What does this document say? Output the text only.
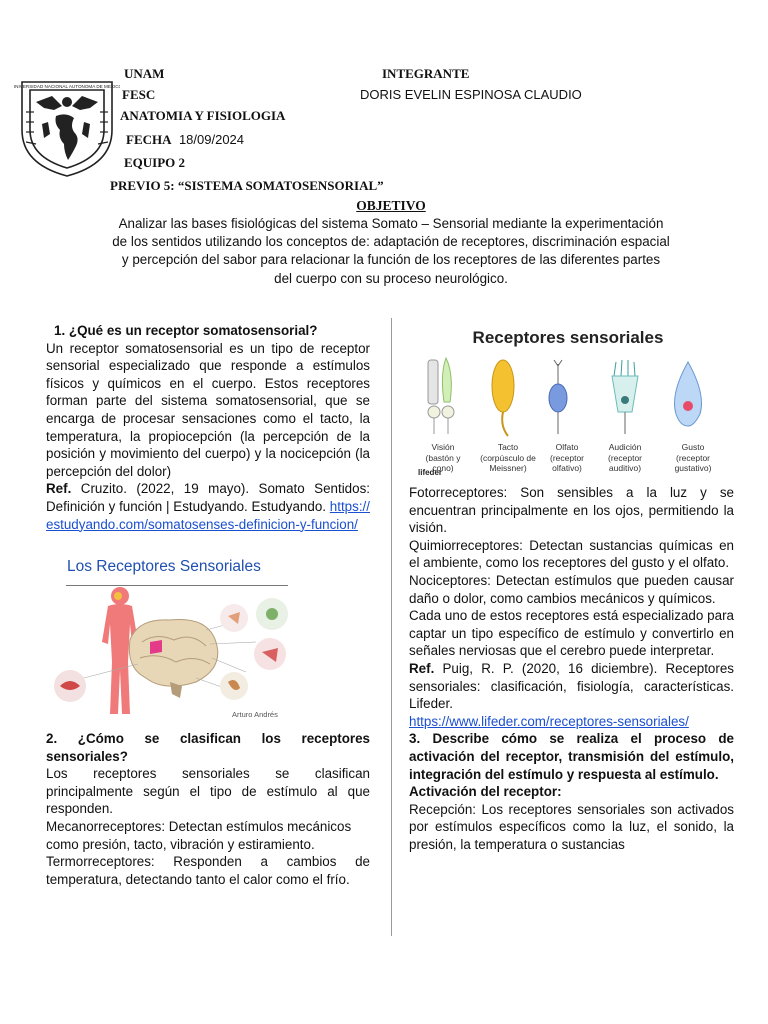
UNIVERSIDAD NACIONAL AUTONOMA DE MEXICO
UNAM
FESC
ANATOMIA Y FISIOLOGIA
FECHA 18/09/2024
EQUIPO 2
PREVIO 5: “SISTEMA SOMATOSENSORIAL”
INTEGRANTE
DORIS EVELIN ESPINOSA CLAUDIO
OBJETIVO
Analizar las bases fisiológicas del sistema Somato – Sensorial mediante la experimentación de los sentidos utilizando los conceptos de: adaptación de receptores, discriminación espacial y percepción del sabor para relacionar la función de los receptores de las diferentes partes del cuerpo con su proceso neurológico.

1. ¿Qué es un receptor somatosensorial?

Un receptor somatosensorial es un tipo de receptor sensorial especializado que responde a estímulos físicos y químicos en el cuerpo. Estos receptores forman parte del sistema somatosensorial, que se encarga de procesar sensaciones como el tacto, la temperatura, la propiocepción (la percepción de la posición y movimiento del cuerpo) y la nocicepción (la percepción del dolor)

Ref. Cruzito. (2022, 19 mayo). Somato Sentidos: Definición y función | Estudyando. Estudyando. https://estudyando.com/somatosenses-definicion-y-funcion/

Los Receptores Sensoriales
Arturo Andrés

2. ¿Cómo se clasifican los receptores sensoriales?

Los receptores sensoriales se clasifican principalmente según el tipo de estímulo al que responden.

Mecanorreceptores: Detectan estímulos mecánicos como presión, tacto, vibración y estiramiento.

Termorreceptores: Responden a cambios de temperatura, detectando tanto el calor como el frío.

Receptores sensoriales
Visión
(bastón y cono)
Tacto
(corpúsculo de Meissner)
Olfato
(receptor olfativo)
Audición
(receptor auditivo)
Gusto
(receptor gustativo)
lifeder

Fotorreceptores: Son sensibles a la luz y se encuentran principalmente en los ojos, permitiendo la visión.

Quimiorreceptores: Detectan sustancias químicas en el ambiente, como los receptores del gusto y el olfato.

Nociceptores: Detectan estímulos que pueden causar daño o dolor, como cambios mecánicos y químicos.

Cada uno de estos receptores está especializado para captar un tipo específico de estímulo y convertirlo en señales nerviosas que el cerebro puede interpretar.

Ref. Puig, R. P. (2020, 16 diciembre). Receptores sensoriales: clasificación, fisiología, características. Lifeder.
https://www.lifeder.com/receptores-sensoriales/

3. Describe cómo se realiza el proceso de activación del receptor, transmisión del estímulo, integración del estímulo y respuesta al estímulo.

Activación del receptor:

Recepción: Los receptores sensoriales son activados por estímulos específicos como la luz, el sonido, la presión, la temperatura o sustancias
